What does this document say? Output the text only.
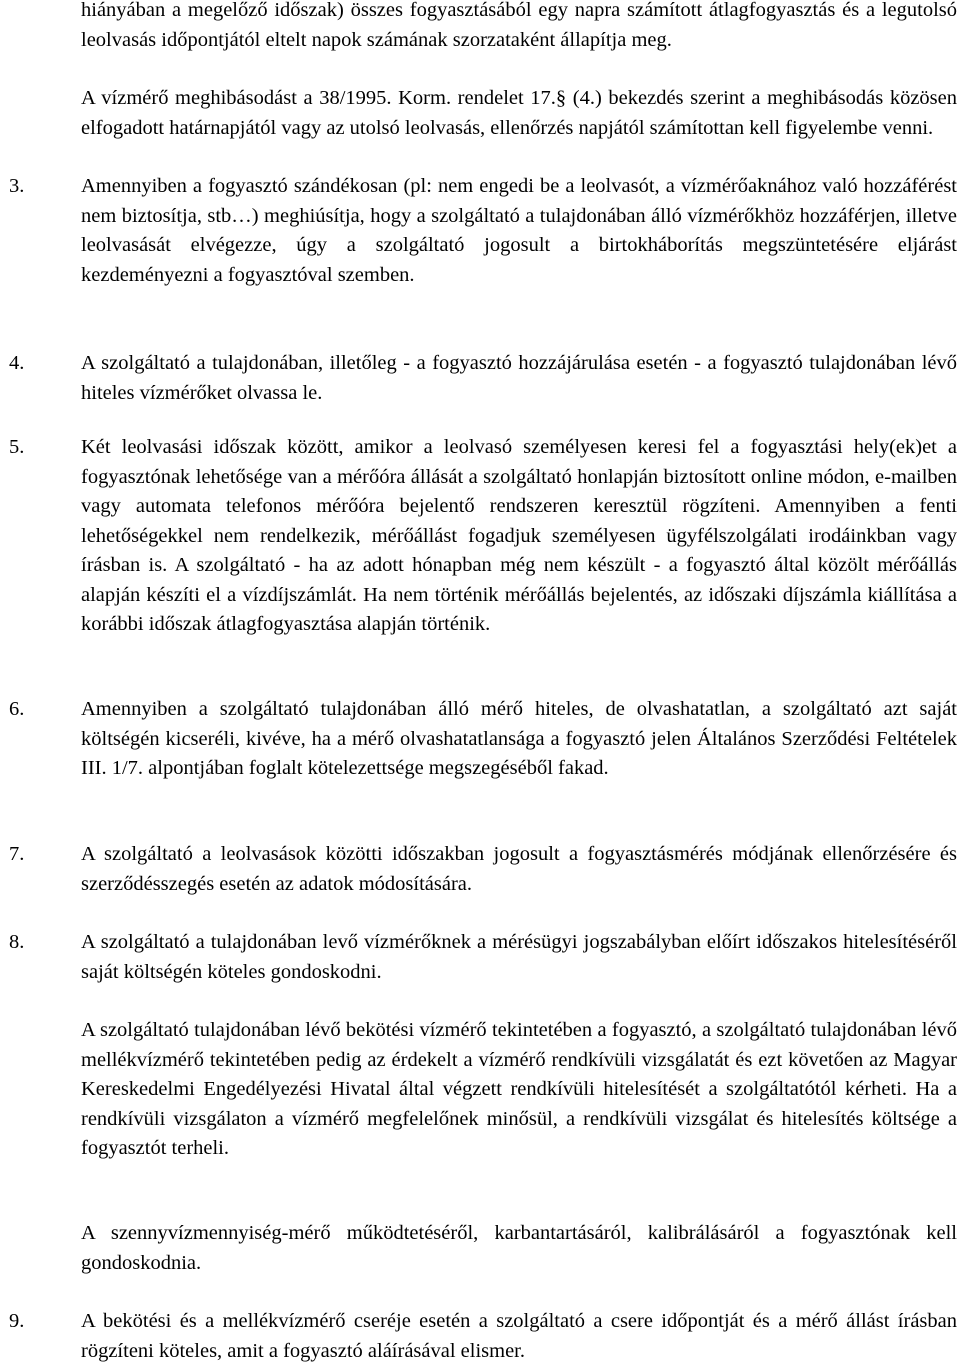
hiányában a megelőző időszak) összes fogyasztásából egy napra számított átlagfogyasztás és a legutolsó leolvasás időpontjától eltelt napok számának szorzataként állapítja meg.

A vízmérő meghibásodást a 38/1995. Korm. rendelet 17.§ (4.) bekezdés szerint a meghibásodás közösen elfogadott határnapjától vagy az utolsó leolvasás, ellenőrzés napjától számítottan kell figyelembe venni.

3.	Amennyiben a fogyasztó szándékosan (pl: nem engedi be a leolvasót, a vízmérőaknához való hozzáférést nem biztosítja, stb…) meghiúsítja, hogy a szolgáltató a tulajdonában álló vízmérőkhöz hozzáférjen, illetve leolvasását elvégezze, úgy a szolgáltató jogosult a birtokháborítás megszüntetésére eljárást kezdeményezni a fogyasztóval szemben.

4.	A szolgáltató a tulajdonában, illetőleg - a fogyasztó hozzájárulása esetén - a fogyasztó tulajdonában lévő hiteles vízmérőket olvassa le.

5.	Két leolvasási időszak között, amikor a leolvasó személyesen keresi fel a fogyasztási hely(ek)et a fogyasztónak lehetősége van a mérőóra állását a szolgáltató honlapján biztosított online módon, e-mailben vagy automata telefonos mérőóra bejelentő rendszeren keresztül rögzíteni. Amennyiben a fenti lehetőségekkel nem rendelkezik, mérőállást fogadjuk személyesen ügyfélszolgálati irodáinkban vagy írásban is. A szolgáltató - ha az adott hónapban még nem készült - a fogyasztó által közölt mérőállás alapján készíti el a vízdíjszámlát. Ha nem történik mérőállás bejelentés, az időszaki díjszámla kiállítása a korábbi időszak átlagfogyasztása alapján történik.

6.	Amennyiben a szolgáltató tulajdonában álló mérő hiteles, de olvashatatlan, a szolgáltató azt saját költségén kicseréli, kivéve, ha a mérő olvashatatlansága a fogyasztó jelen Általános Szerződési Feltételek III. 1/7. alpontjában foglalt kötelezettsége megszegéséből fakad.

7.	A szolgáltató a leolvasások közötti időszakban jogosult a fogyasztásmérés módjának ellenőrzésére és szerződésszegés esetén az adatok módosítására.

8.	A szolgáltató a tulajdonában levő vízmérőknek a mérésügyi jogszabályban előírt időszakos hitelesítéséről saját költségén köteles gondoskodni.

A szolgáltató tulajdonában lévő bekötési vízmérő tekintetében a fogyasztó, a szolgáltató tulajdonában lévő mellékvízmérő tekintetében pedig az érdekelt a vízmérő rendkívüli vizsgálatát és ezt követően az Magyar Kereskedelmi Engedélyezési Hivatal által végzett rendkívüli hitelesítését a szolgáltatótól kérheti. Ha a rendkívüli vizsgálaton a vízmérő megfelelőnek minősül, a rendkívüli vizsgálat és hitelesítés költsége a fogyasztót terheli.

A szennyvízmennyiség-mérő működtetéséről, karbantartásáról, kalibrálásáról a fogyasztónak kell gondoskodnia.

9.	A bekötési és a mellékvízmérő cseréje esetén a szolgáltató a csere időpontját és a mérő állást írásban rögzíteni köteles, amit a fogyasztó aláírásával elismer.
